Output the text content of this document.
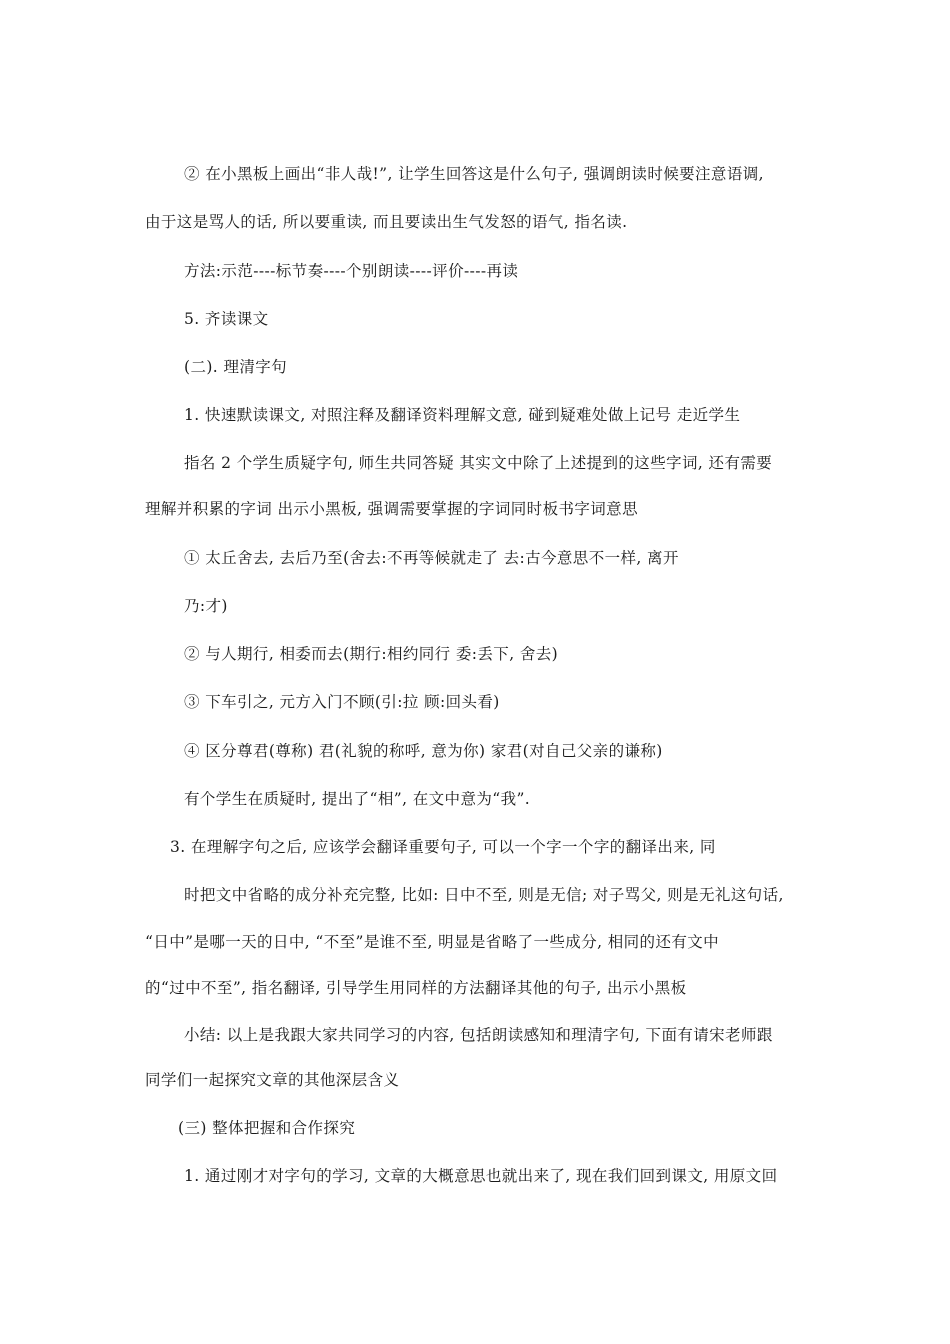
② 在小黑板上画出“非人哉!”, 让学生回答这是什么句子, 强调朗读时候要注意语调,
由于这是骂人的话, 所以要重读, 而且要读出生气发怒的语气, 指名读.
方法:示范----标节奏----个别朗读----评价----再读
5. 齐读课文
(二). 理清字句
1. 快速默读课文, 对照注释及翻译资料理解文意, 碰到疑难处做上记号 走近学生
指名 2 个学生质疑字句, 师生共同答疑 其实文中除了上述提到的这些字词, 还有需要
理解并积累的字词 出示小黑板, 强调需要掌握的字词同时板书字词意思
① 太丘舍去, 去后乃至(舍去:不再等候就走了 去:古今意思不一样, 离开
乃:才)
② 与人期行, 相委而去(期行:相约同行 委:丢下, 舍去)
③ 下车引之, 元方入门不顾(引:拉 顾:回头看)
④ 区分尊君(尊称) 君(礼貌的称呼, 意为你) 家君(对自己父亲的谦称)
有个学生在质疑时, 提出了“相”, 在文中意为“我”.
3. 在理解字句之后, 应该学会翻译重要句子, 可以一个字一个字的翻译出来, 同
时把文中省略的成分补充完整, 比如: 日中不至, 则是无信; 对子骂父, 则是无礼这句话,
“日中”是哪一天的日中, “不至”是谁不至, 明显是省略了一些成分, 相同的还有文中
的“过中不至”, 指名翻译, 引导学生用同样的方法翻译其他的句子, 出示小黑板
小结: 以上是我跟大家共同学习的内容, 包括朗读感知和理清字句, 下面有请宋老师跟
同学们一起探究文章的其他深层含义
(三) 整体把握和合作探究
1. 通过刚才对字句的学习, 文章的大概意思也就出来了, 现在我们回到课文, 用原文回
